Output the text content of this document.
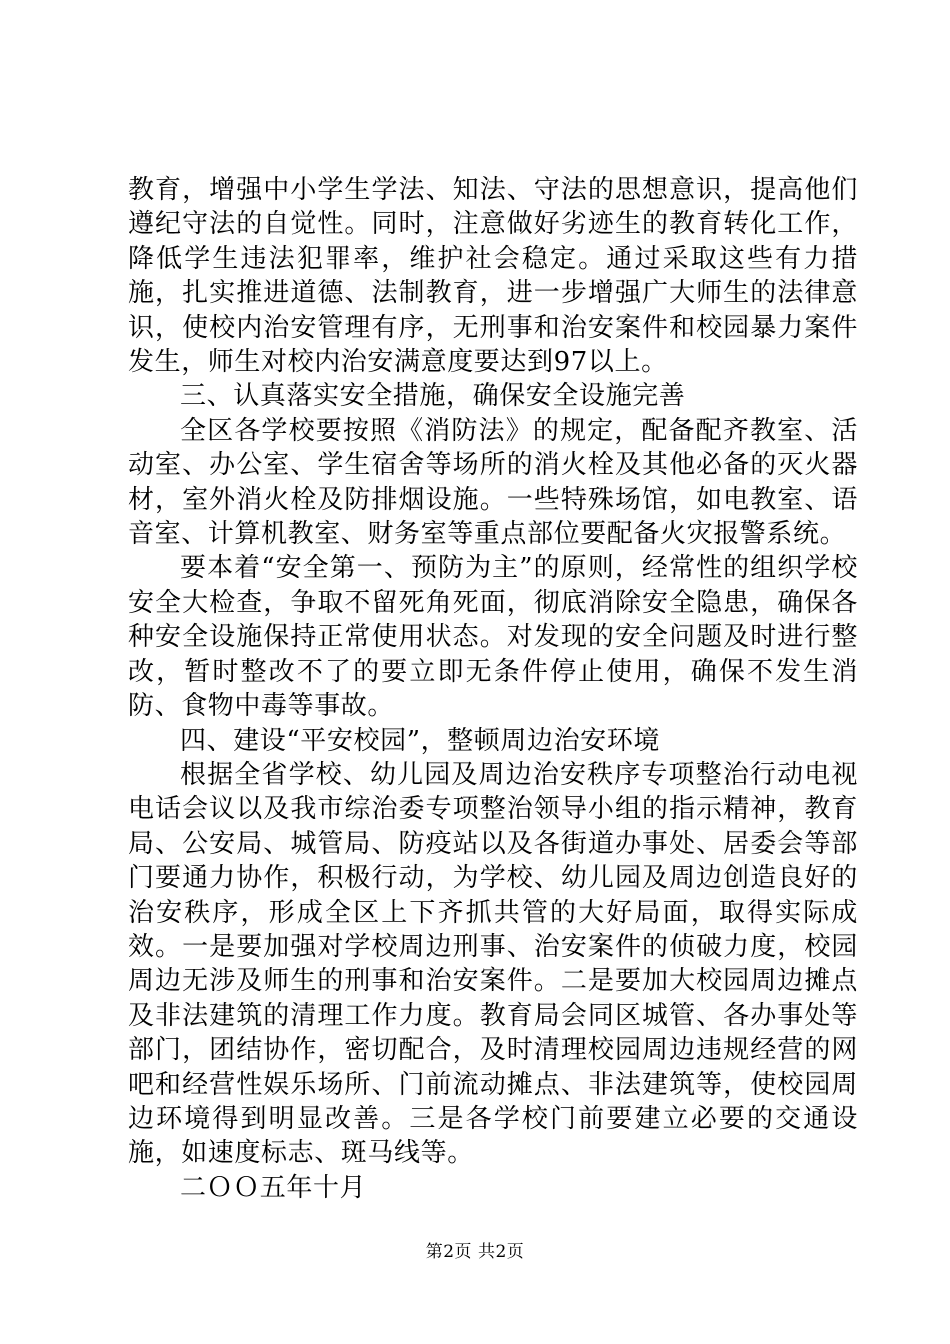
教育，增强中小学生学法、知法、守法的思想意识，提高他们遵纪守法的自觉性。同时，注意做好劣迹生的教育转化工作，降低学生违法犯罪率，维护社会稳定。通过采取这些有力措施，扎实推进道德、法制教育，进一步增强广大师生的法律意识，使校内治安管理有序，无刑事和治安案件和校园暴力案件发生，师生对校内治安满意度要达到97以上。

三、认真落实安全措施，确保安全设施完善

全区各学校要按照《消防法》的规定，配备配齐教室、活动室、办公室、学生宿舍等场所的消火栓及其他必备的灭火器材，室外消火栓及防排烟设施。一些特殊场馆，如电教室、语音室、计算机教室、财务室等重点部位要配备火灾报警系统。

要本着“安全第一、预防为主”的原则，经常性的组织学校安全大检查，争取不留死角死面，彻底消除安全隐患，确保各种安全设施保持正常使用状态。对发现的安全问题及时进行整改，暂时整改不了的要立即无条件停止使用，确保不发生消防、食物中毒等事故。

四、建设“平安校园”，整顿周边治安环境

根据全省学校、幼儿园及周边治安秩序专项整治行动电视电话会议以及我市综治委专项整治领导小组的指示精神，教育局、公安局、城管局、防疫站以及各街道办事处、居委会等部门要通力协作，积极行动，为学校、幼儿园及周边创造良好的治安秩序，形成全区上下齐抓共管的大好局面，取得实际成效。一是要加强对学校周边刑事、治安案件的侦破力度，校园周边无涉及师生的刑事和治安案件。二是要加大校园周边摊点及非法建筑的清理工作力度。教育局会同区城管、各办事处等部门，团结协作，密切配合，及时清理校园周边违规经营的网吧和经营性娱乐场所、门前流动摊点、非法建筑等，使校园周边环境得到明显改善。三是各学校门前要建立必要的交通设施，如速度标志、斑马线等。

二ＯＯ五年十月

第2页 共2页
